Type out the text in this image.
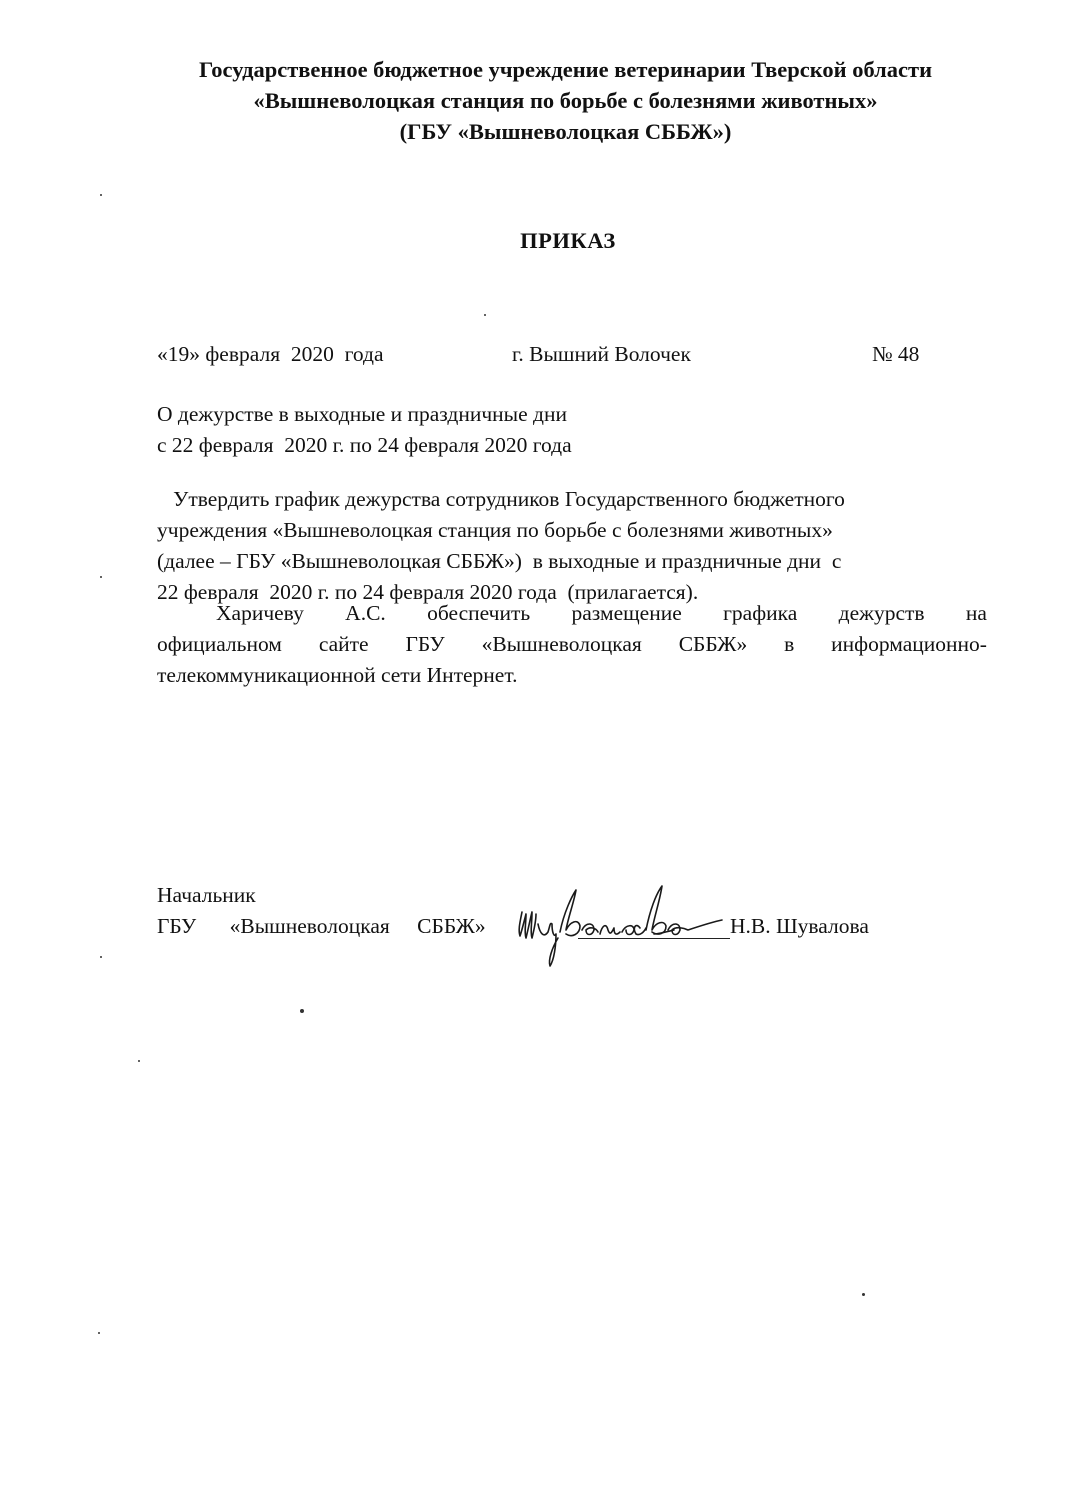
Государственное бюджетное учреждение ветеринарии Тверской области
«Вышневолоцкая станция по борьбе с болезнями животных»
(ГБУ «Вышневолоцкая СББЖ»)
ПРИКАЗ
«19» февраля  2020  года	г. Вышний Волочек	№ 48
О дежурстве в выходные и праздничные дни
с 22 февраля  2020 г. по 24 февраля 2020 года
Утвердить график дежурства сотрудников Государственного бюджетного
учреждения «Вышневолоцкая станция по борьбе с болезнями животных»
(далее – ГБУ «Вышневолоцкая СББЖ»)  в выходные и праздничные дни  с
22 февраля  2020 г. по 24 февраля 2020 года  (прилагается).
Харичеву А.С. обеспечить размещение графика дежурств на
официальном сайте ГБУ «Вышневолоцкая СББЖ» в информационно-
телекоммуникационной сети Интернет.
Начальник
ГБУ «Вышневолоцкая СББЖ»	Н.В. Шувалова
